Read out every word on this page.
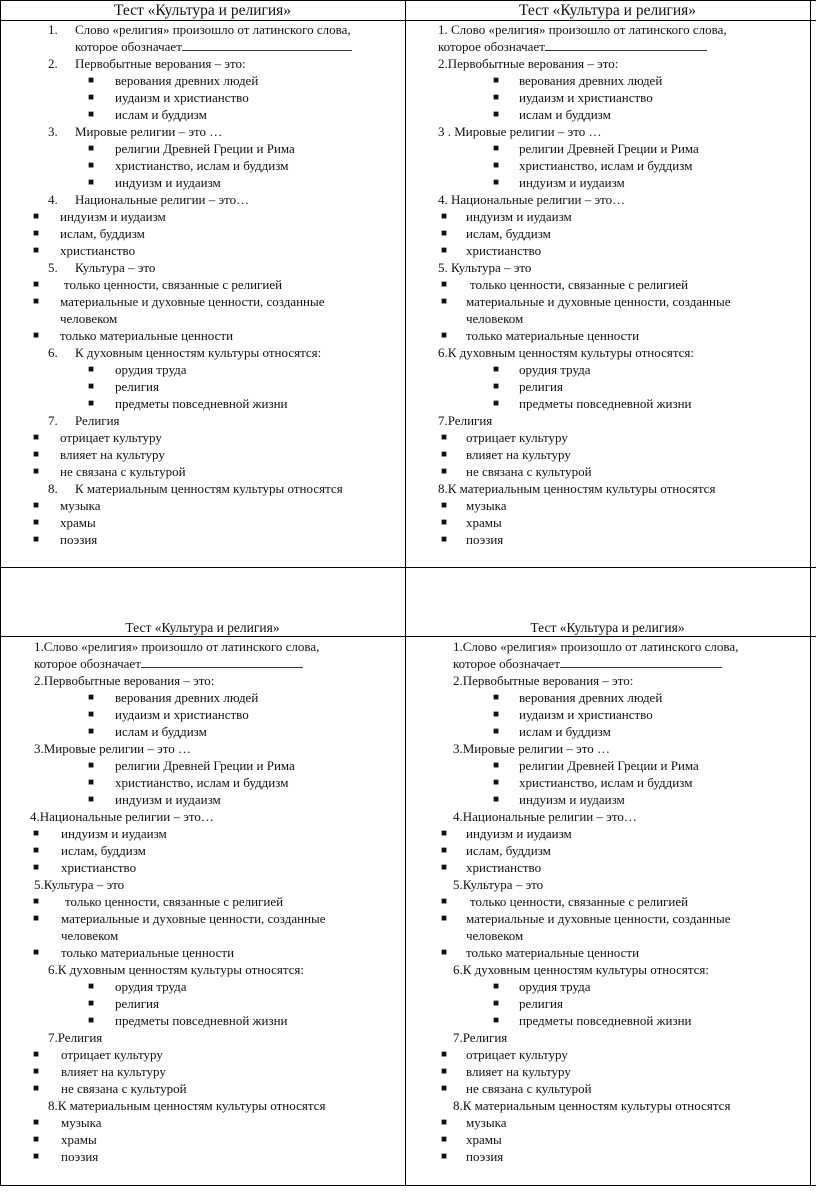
Тест «Культура и религия»	Тест «Культура и религия»
Тест «Культура и религия»	Тест «Культура и религия»
1. Слово «религия» произошло от латинского слова,
которое обозначает
2. Первобытные верования – это:
■ верования древних людей
■ иудаизм и христианство
■ ислам и буддизм
3. Мировые религии – это …
■ религии Древней Греции и Рима
■ христианство, ислам и буддизм
■ индуизм и иудаизм
4. Национальные религии – это…
■ индуизм и иудаизм
■ ислам, буддизм
■ христианство
5. Культура – это
■ только ценности, связанные с религией
■ материальные и духовные ценности, созданные
человеком
■ только материальные ценности
6. К духовным ценностям культуры относятся:
■ орудия труда
■ религия
■ предметы повседневной жизни
7. Религия
■ отрицает культуру
■ влияет на культуру
■ не связана с культурой
8. К материальным ценностям культуры относятся
■ музыка
■ храмы
■ поэзия
1. Слово «религия» произошло от латинского слова,
которое обозначает
2.Первобытные верования – это:
■ верования древних людей
■ иудаизм и христианство
■ ислам и буддизм
3 . Мировые религии – это …
■ религии Древней Греции и Рима
■ христианство, ислам и буддизм
■ индуизм и иудаизм
4. Национальные религии – это…
■ индуизм и иудаизм
■ ислам, буддизм
■ христианство
5. Культура – это
■ только ценности, связанные с религией
■ материальные и духовные ценности, созданные
человеком
■ только материальные ценности
6.К духовным ценностям культуры относятся:
■ орудия труда
■ религия
■ предметы повседневной жизни
7.Религия
■ отрицает культуру
■ влияет на культуру
■ не связана с культурой
8.К материальным ценностям культуры относятся
■ музыка
■ храмы
■ поэзия
1.Слово «религия» произошло от латинского слова,
которое обозначает
2.Первобытные верования – это:
■ верования древних людей
■ иудаизм и христианство
■ ислам и буддизм
3.Мировые религии – это …
■ религии Древней Греции и Рима
■ христианство, ислам и буддизм
■ индуизм и иудаизм
4.Национальные религии – это…
■ индуизм и иудаизм
■ ислам, буддизм
■ христианство
5.Культура – это
■ только ценности, связанные с религией
■ материальные и духовные ценности, созданные
человеком
■ только материальные ценности
6.К духовным ценностям культуры относятся:
■ орудия труда
■ религия
■ предметы повседневной жизни
7.Религия
■ отрицает культуру
■ влияет на культуру
■ не связана с культурой
8.К материальным ценностям культуры относятся
■ музыка
■ храмы
■ поэзия
1.Слово «религия» произошло от латинского слова,
которое обозначает
2.Первобытные верования – это:
■ верования древних людей
■ иудаизм и христианство
■ ислам и буддизм
3.Мировые религии – это …
■ религии Древней Греции и Рима
■ христианство, ислам и буддизм
■ индуизм и иудаизм
4.Национальные религии – это…
■ индуизм и иудаизм
■ ислам, буддизм
■ христианство
5.Культура – это
■ только ценности, связанные с религией
■ материальные и духовные ценности, созданные
человеком
■ только материальные ценности
6.К духовным ценностям культуры относятся:
■ орудия труда
■ религия
■ предметы повседневной жизни
7.Религия
■ отрицает культуру
■ влияет на культуру
■ не связана с культурой
8.К материальным ценностям культуры относятся
■ музыка
■ храмы
■ поэзия
